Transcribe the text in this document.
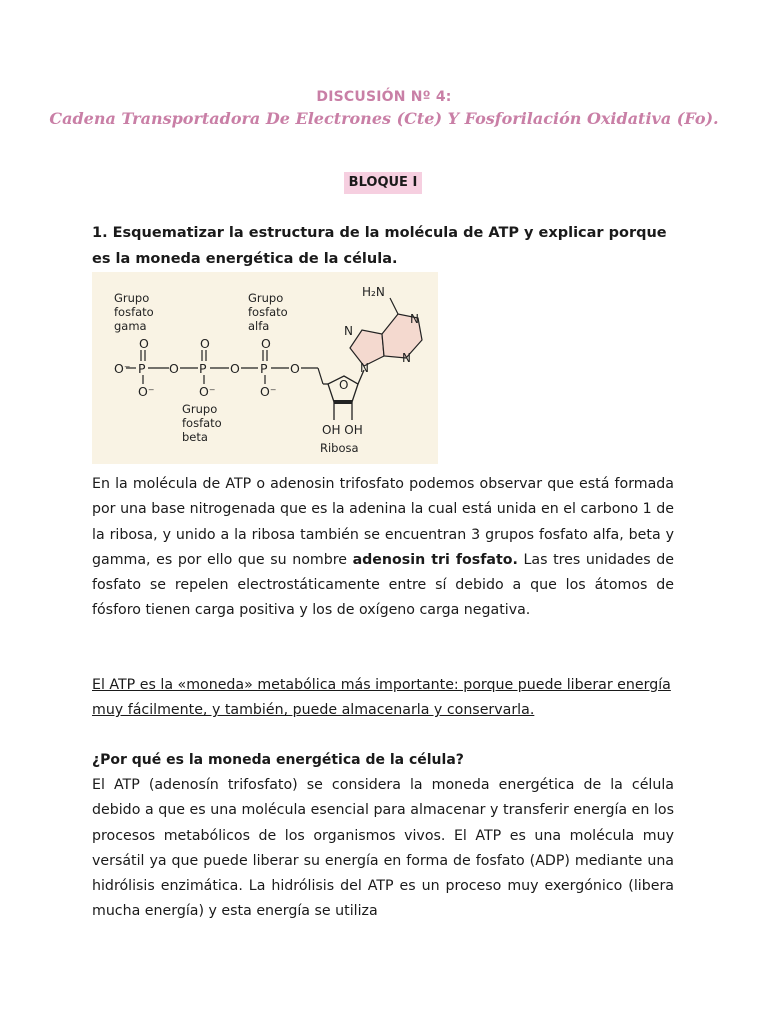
DISCUSIÓN Nº 4:
Cadena Transportadora De Electrones (Cte) Y Fosforilación Oxidativa (Fo).
BLOQUE I
1. Esquematizar la estructura de la molécula de ATP y explicar porque es la moneda energética de la célula.
Grupo
fosfato
gama
Grupo
fosfato
alfa
Grupo
fosfato
beta
O⁻ P O P O P O
O	O	O
O⁻	O⁻	O⁻	O
OH OH
Ribosa
N
N
N
N
H₂N
En la molécula de ATP o adenosin trifosfato podemos observar que está formada por una base nitrogenada que es la adenina la cual está unida en el carbono 1 de la ribosa, y unido a la ribosa también se encuentran 3 grupos fosfato alfa, beta y gamma, es por ello que su nombre adenosin tri fosfato. Las tres unidades de fosfato se repelen electrostáticamente entre sí debido a que los átomos de fósforo tienen carga positiva y los de oxígeno carga negativa.
El ATP es la «moneda» metabólica más importante: porque puede liberar energía muy fácilmente, y también, puede almacenarla y conservarla.
¿Por qué es la moneda energética de la célula?
El ATP (adenosín trifosfato) se considera la moneda energética de la célula debido a que es una molécula esencial para almacenar y transferir energía en los procesos metabólicos de los organismos vivos. El ATP es una molécula muy versátil ya que puede liberar su energía en forma de fosfato (ADP) mediante una hidrólisis enzimática. La hidrólisis del ATP es un proceso muy exergónico (libera mucha energía) y esta energía se utiliza
